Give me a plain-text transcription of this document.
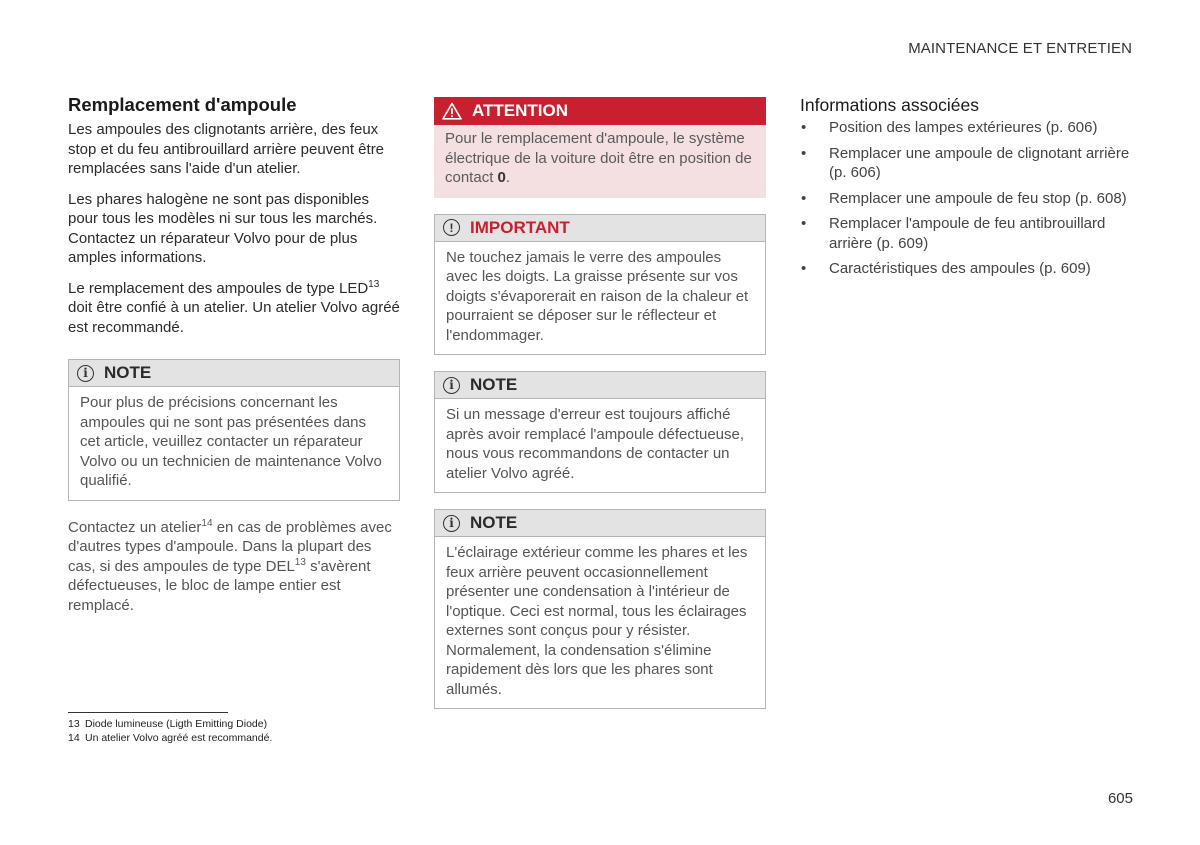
MAINTENANCE ET ENTRETIEN
Remplacement d'ampoule

Les ampoules des clignotants arrière, des feux stop et du feu antibrouillard arrière peuvent être remplacées sans l'aide d'un atelier.

Les phares halogène ne sont pas disponibles pour tous les modèles ni sur tous les marchés. Contactez un réparateur Volvo pour de plus amples informations.

Le remplacement des ampoules de type LED$^{13}$ doit être confié à un atelier. Un atelier Volvo agréé est recommandé.

i NOTE
Pour plus de précisions concernant les ampoules qui ne sont pas présentées dans cet article, veuillez contacter un réparateur Volvo ou un technicien de maintenance Volvo qualifié.

Contactez un atelier$^{14}$ en cas de problèmes avec d'autres types d'ampoule. Dans la plupart des cas, si des ampoules de type DEL$^{13}$ s'avèrent défectueuses, le bloc de lampe entier est remplacé.

ATTENTION
Pour le remplacement d'ampoule, le système électrique de la voiture doit être en position de contact 0.
! IMPORTANT
Ne touchez jamais le verre des ampoules avec les doigts. La graisse présente sur vos doigts s'évaporerait en raison de la chaleur et pourraient se déposer sur le réflecteur et l'endommager.
i NOTE
Si un message d'erreur est toujours affiché après avoir remplacé l'ampoule défectueuse, nous vous recommandons de contacter un atelier Volvo agréé.
i NOTE
L'éclairage extérieur comme les phares et les feux arrière peuvent occasionnellement présenter une condensation à l'intérieur de l'optique. Ceci est normal, tous les éclairages externes sont conçus pour y résister. Normalement, la condensation s'élimine rapidement dès lors que les phares sont allumés.
Informations associées
• Position des lampes extérieures (p. 606)
• Remplacer une ampoule de clignotant arrière (p. 606)
• Remplacer une ampoule de feu stop (p. 608)
• Remplacer l'ampoule de feu antibrouillard arrière (p. 609)
• Caractéristiques des ampoules (p. 609)
13 Diode lumineuse (Ligth Emitting Diode)
14 Un atelier Volvo agréé est recommandé.
605
